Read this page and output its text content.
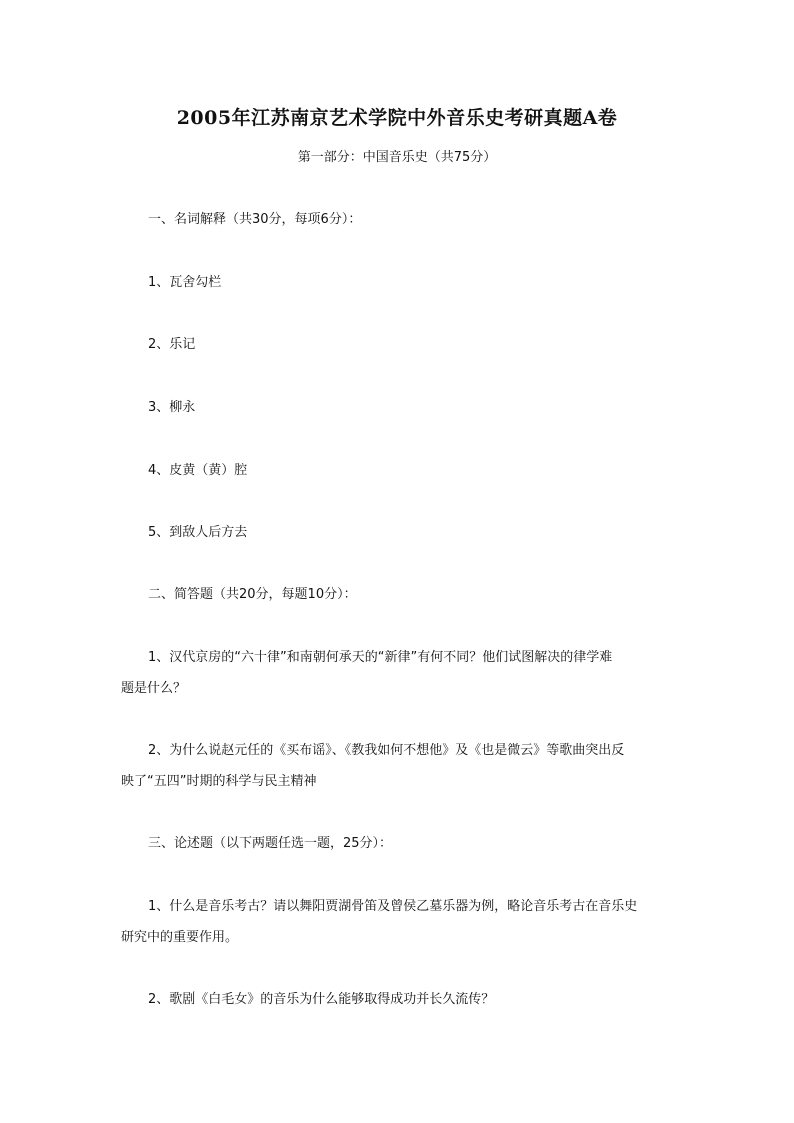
2005年江苏南京艺术学院中外音乐史考研真题A卷
第一部分：中国音乐史（共75分）
一、名词解释（共30分，每项6分）：
1、瓦舍勾栏
2、乐记
3、柳永
4、皮黄（黄）腔
5、到敌人后方去
二、简答题（共20分，每题10分）：
1、汉代京房的“六十律”和南朝何承天的“新律”有何不同？他们试图解决的律学难
题是什么？
2、为什么说赵元任的《买布谣》、《教我如何不想他》及《也是微云》等歌曲突出反
映了“五四”时期的科学与民主精神
三、论述题（以下两题任选一题，25分）：
1、什么是音乐考古？请以舞阳贾湖骨笛及曾侯乙墓乐器为例，略论音乐考古在音乐史
研究中的重要作用。
2、歌剧《白毛女》的音乐为什么能够取得成功并长久流传？
